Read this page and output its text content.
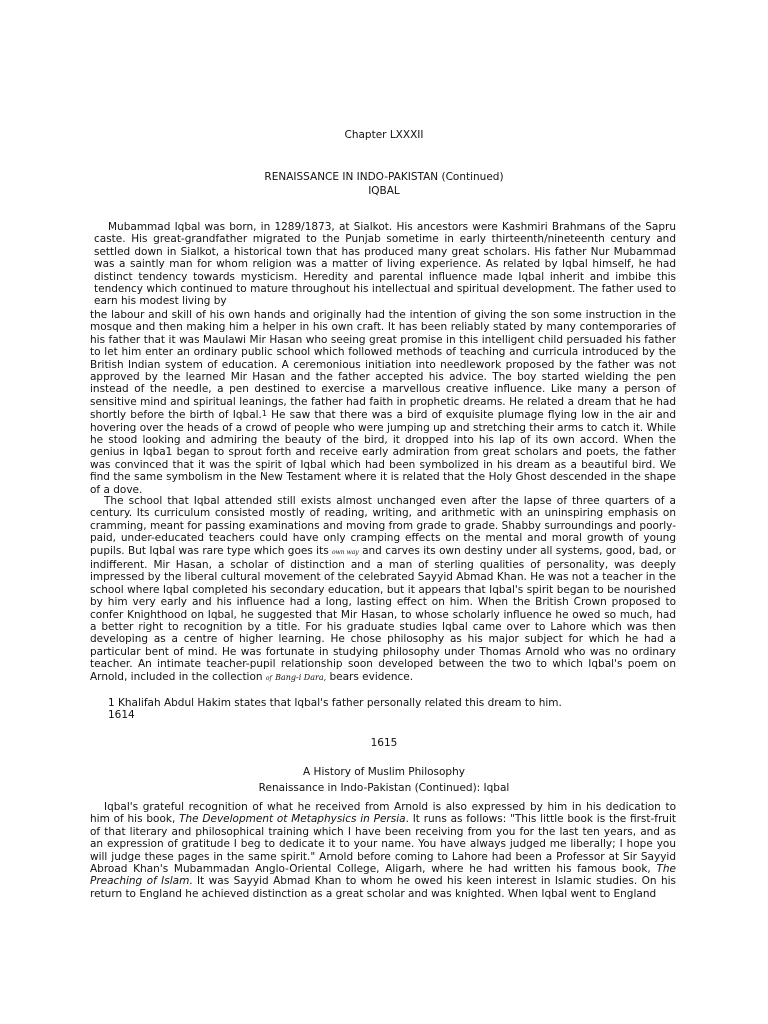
Chapter LXXXII
RENAISSANCE IN INDO-PAKISTAN (Continued)
IQBAL

Mubammad Iqbal was born, in 1289/1873, at Sialkot. His ancestors were Kashmiri Brahmans of the Sapru caste. His great-grandfather migrated to the Punjab sometime in early thirteenth/nineteenth century and settled down in Sialkot, a historical town that has produced many great scholars. His father Nur Mubammad was a saintly man for whom religion was a matter of living experience. As related by Iqbal himself, he had distinct tendency towards mysticism. Heredity and parental influence made Iqbal inherit and imbibe this tendency which continued to mature throughout his intellectual and spiritual development. The father used to earn his modest living by

the labour and skill of his own hands and originally had the intention of giving the son some instruction in the mosque and then making him a helper in his own craft. It has been reliably stated by many contemporaries of his father that it was Maulawi Mir Hasan who seeing great promise in this intelligent child persuaded his father to let him enter an ordinary public school which followed methods of teaching and curricula introduced by the British Indian system of education. A ceremonious initiation into needlework proposed by the father was not approved by the learned Mir Hasan and the father accepted his advice. The boy started wielding the pen instead of the needle, a pen destined to exercise a marvellous creative influence. Like many a person of sensitive mind and spiritual leanings, the father had faith in prophetic dreams. He related a dream that he had shortly before the birth of Iqbal.$^1$ He saw that there was a bird of exquisite plumage flying low in the air and hovering over the heads of a crowd of people who were jumping up and stretching their arms to catch it. While he stood looking and admiring the beauty of the bird, it dropped into his lap of its own accord. When the genius in Iqba1 began to sprout forth and receive early admiration from great scholars and poets, the father was convinced that it was the spirit of Iqbal which had been symbolized in his dream as a beautiful bird. We find the same symbolism in the New Testament where it is related that the Holy Ghost descended in the shape of a dove.

The school that Iqbal attended still exists almost unchanged even after the lapse of three quarters of a century. Its curriculum consisted mostly of reading, writing, and arithmetic with an uninspiring emphasis on cramming, meant for passing examinations and moving from grade to grade. Shabby surroundings and poorly-paid, under-educated teachers could have only cramping effects on the mental and moral growth of young pupils. But Iqbal was rare type which goes its own way and carves its own destiny under all systems, good, bad, or indifferent. Mir Hasan, a scholar of distinction and a man of sterling qualities of personality, was deeply impressed by the liberal cultural movement of the celebrated Sayyid Abmad Khan. He was not a teacher in the school where Iqbal completed his secondary education, but it appears that Iqbal's spirit began to be nourished by him very early and his influence had a long, lasting effect on him. When the British Crown proposed to confer Knighthood on Iqbal, he suggested that Mir Hasan, to whose scholarly influence he owed so much, had a better right to recognition by a title. For his graduate studies Iqbal came over to Lahore which was then developing as a centre of higher learning. He chose philosophy as his major subject for which he had a particular bent of mind. He was fortunate in studying philosophy under Thomas Arnold who was no ordinary teacher. An intimate teacher-pupil relationship soon developed between the two to which Iqbal's poem on Arnold, included in the collection of Bang-i Dara, bears evidence.

1 Khalifah Abdul Hakim states that Iqbal's father personally related this dream to him.
1614
1615
A History of Muslim Philosophy
Renaissance in Indo-Pakistan (Continued): Iqbal

Iqbal's grateful recognition of what he received from Arnold is also expressed by him in his dedication to him of his book, The Development ot Metaphysics in Persia. It runs as follows: "This little book is the first-fruit of that literary and philosophical training which I have been receiving from you for the last ten years, and as an expression of gratitude I beg to dedicate it to your name. You have always judged me liberally; I hope you will judge these pages in the same spirit." Arnold before coming to Lahore had been a Professor at Sir Sayyid Abroad Khan's Mubammadan Anglo-Oriental College, Aligarh, where he had written his famous book, The Preaching of Islam. It was Sayyid Abmad Khan to whom he owed his keen interest in Islamic studies. On his return to England he achieved distinction as a great scholar and was knighted. When Iqbal went to England
